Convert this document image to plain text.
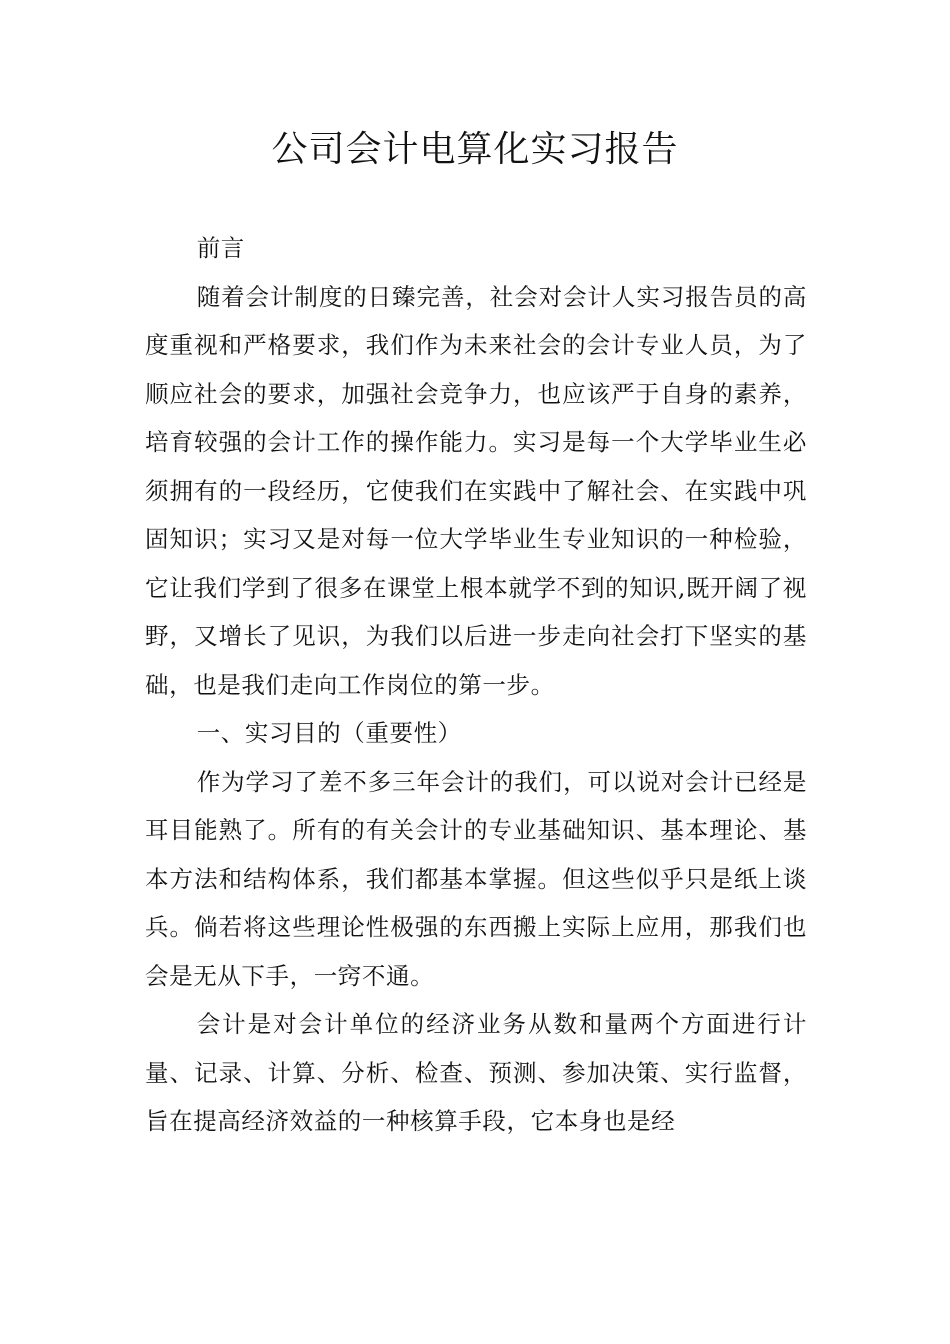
公司会计电算化实习报告

前言

随着会计制度的日臻完善，社会对会计人实习报告员的高度重视和严格要求，我们作为未来社会的会计专业人员，为了顺应社会的要求，加强社会竞争力，也应该严于自身的素养，培育较强的会计工作的操作能力。实习是每一个大学毕业生必须拥有的一段经历，它使我们在实践中了解社会、在实践中巩固知识；实习又是对每一位大学毕业生专业知识的一种检验，它让我们学到了很多在课堂上根本就学不到的知识,既开阔了视野，又增长了见识，为我们以后进一步走向社会打下坚实的基础，也是我们走向工作岗位的第一步。

一、实习目的（重要性）

作为学习了差不多三年会计的我们，可以说对会计已经是耳目能熟了。所有的有关会计的专业基础知识、基本理论、基本方法和结构体系，我们都基本掌握。但这些似乎只是纸上谈兵。倘若将这些理论性极强的东西搬上实际上应用，那我们也会是无从下手，一窍不通。

会计是对会计单位的经济业务从数和量两个方面进行计量、记录、计算、分析、检查、预测、参加决策、实行监督，旨在提高经济效益的一种核算手段，它本身也是经
